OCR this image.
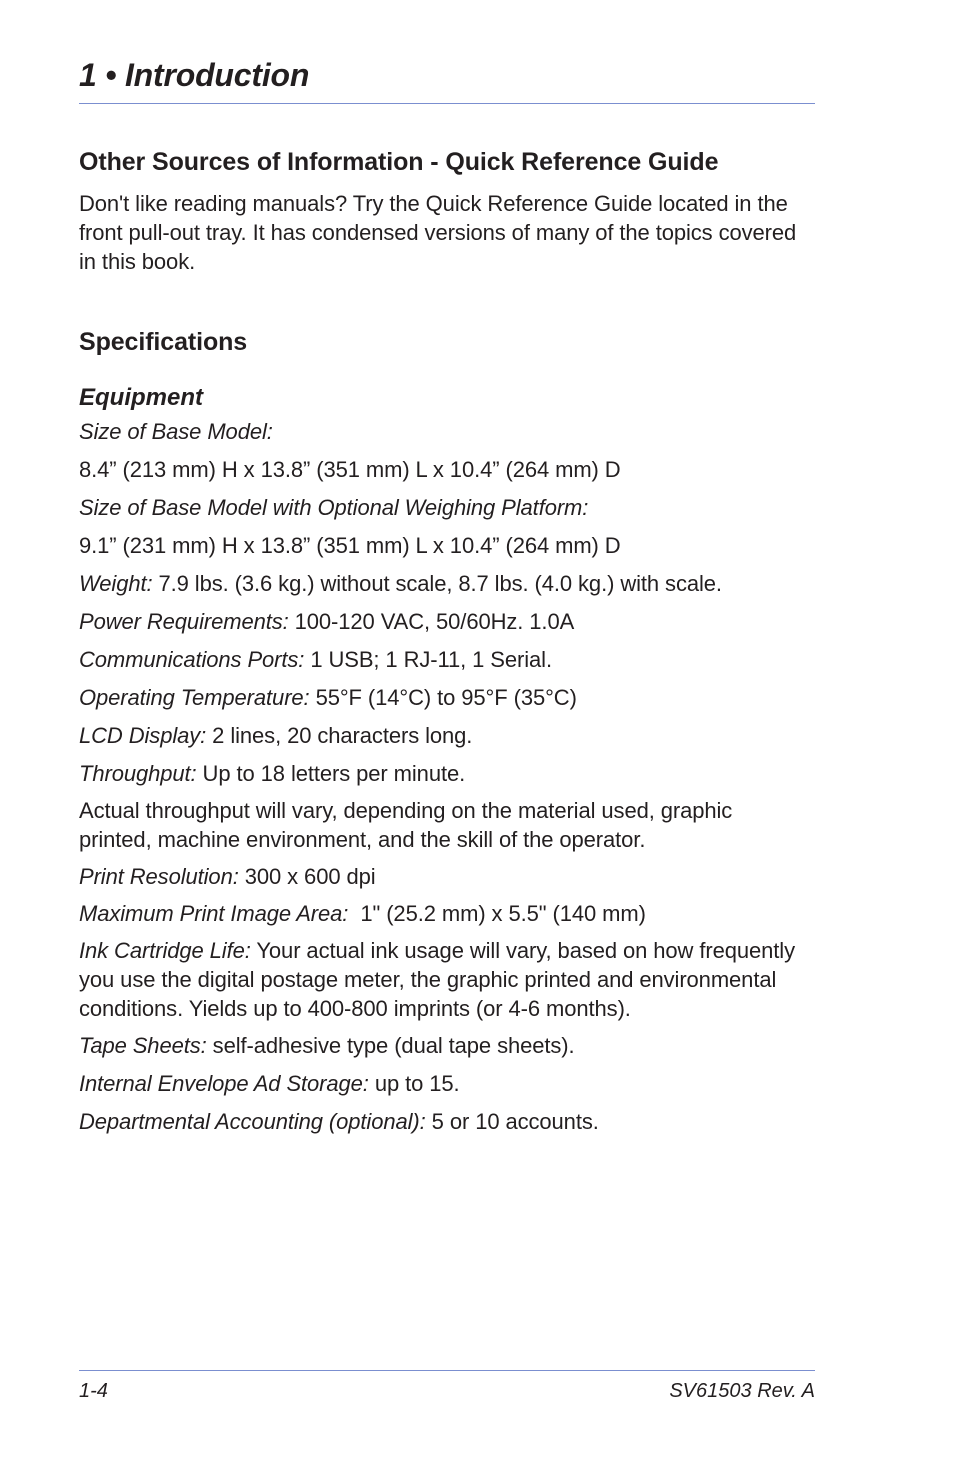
1 • Introduction
Other Sources of Information - Quick Reference Guide

Don't like reading manuals? Try the Quick Reference Guide located in the front pull-out tray. It has condensed versions of many of the topics covered in this book.

Specifications
Equipment

Size of Base Model:

8.4” (213 mm) H x 13.8” (351 mm) L x 10.4” (264 mm) D

Size of Base Model with Optional Weighing Platform:

9.1” (231 mm) H x 13.8” (351 mm) L x 10.4” (264 mm) D

Weight: 7.9 lbs. (3.6 kg.) without scale, 8.7 lbs. (4.0 kg.) with scale.

Power Requirements: 100-120 VAC, 50/60Hz. 1.0A

Communications Ports: 1 USB; 1 RJ-11, 1 Serial.

Operating Temperature: 55°F (14°C) to 95°F (35°C)

LCD Display: 2 lines, 20 characters long.

Throughput: Up to 18 letters per minute.

Actual throughput will vary, depending on the material used, graphic printed, machine environment, and the skill of the operator.

Print Resolution: 300 x 600 dpi

Maximum Print Image Area:  1" (25.2 mm) x 5.5" (140 mm)

Ink Cartridge Life: Your actual ink usage will vary, based on how frequently you use the digital postage meter, the graphic printed and environmental conditions. Yields up to 400-800 imprints (or 4-6 months).

Tape Sheets: self-adhesive type (dual tape sheets).

Internal Envelope Ad Storage: up to 15.

Departmental Accounting (optional): 5 or 10 accounts.

1-4	SV61503 Rev. A
